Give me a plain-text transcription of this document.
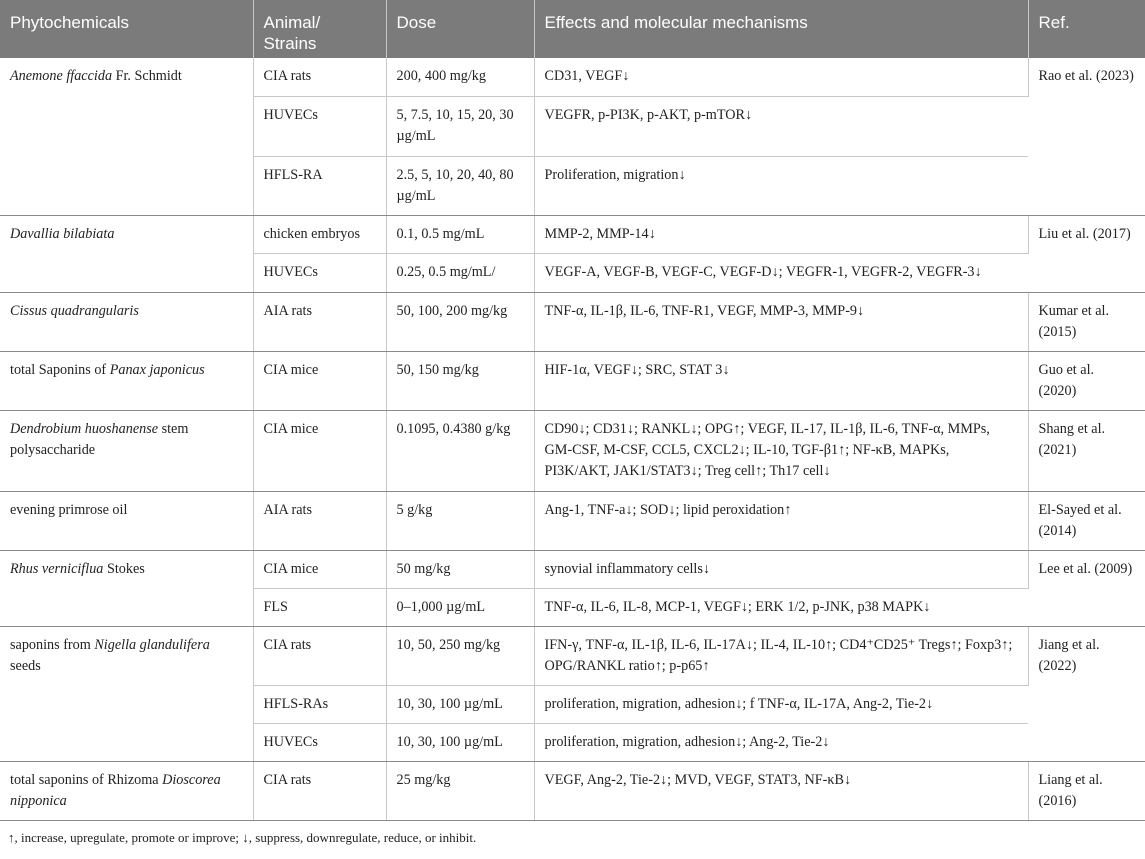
Phytochemicals	Animal/ Strains	Dose	Effects and molecular mechanisms	Ref.
Anemone ffaccida Fr. Schmidt	CIA rats	200, 400 mg/kg	CD31, VEGF↓	Rao et al. (2023)
	HUVECs	5, 7.5, 10, 15, 20, 30 µg/mL	VEGFR, p-PI3K, p-AKT, p-mTOR↓	
	HFLS-RA	2.5, 5, 10, 20, 40, 80 µg/mL	Proliferation, migration↓	
Davallia bilabiata	chicken embryos	0.1, 0.5 mg/mL	MMP-2, MMP-14↓	Liu et al. (2017)
	HUVECs	0.25, 0.5 mg/mL/	VEGF-A, VEGF-B, VEGF-C, VEGF-D↓; VEGFR-1, VEGFR-2, VEGFR-3↓	
Cissus quadrangularis	AIA rats	50, 100, 200 mg/kg	TNF-α, IL-1β, IL-6, TNF-R1, VEGF, MMP-3, MMP-9↓	Kumar et al. (2015)
total Saponins of Panax japonicus	CIA mice	50, 150 mg/kg	HIF-1α, VEGF↓; SRC, STAT 3↓	Guo et al. (2020)
Dendrobium huoshanense stem polysaccharide	CIA mice	0.1095, 0.4380 g/kg	CD90↓; CD31↓; RANKL↓; OPG↑; VEGF, IL-17, IL-1β, IL-6, TNF-α, MMPs, GM-CSF, M-CSF, CCL5, CXCL2↓; IL-10, TGF-β1↑; NF-κB, MAPKs, PI3K/AKT, JAK1/STAT3↓; Treg cell↑; Th17 cell↓	Shang et al. (2021)
evening primrose oil	AIA rats	5 g/kg	Ang-1, TNF-a↓; SOD↓; lipid peroxidation↑	El-Sayed et al. (2014)
Rhus verniciflua Stokes	CIA mice	50 mg/kg	synovial inflammatory cells↓	Lee et al. (2009)
	FLS	0–1,000 µg/mL	TNF-α, IL-6, IL-8, MCP-1, VEGF↓; ERK 1/2, p-JNK, p38 MAPK↓	
saponins from Nigella glandulifera seeds	CIA rats	10, 50, 250 mg/kg	IFN-γ, TNF-α, IL-1β, IL-6, IL-17A↓; IL-4, IL-10↑; CD4⁺CD25⁺ Tregs↑; Foxp3↑; OPG/RANKL ratio↑; p-p65↑	Jiang et al. (2022)
	HFLS-RAs	10, 30, 100 µg/mL	proliferation, migration, adhesion↓; f TNF-α, IL-17A, Ang-2, Tie-2↓	
	HUVECs	10, 30, 100 µg/mL	proliferation, migration, adhesion↓; Ang-2, Tie-2↓	
total saponins of Rhizoma Dioscorea nipponica	CIA rats	25 mg/kg	VEGF, Ang-2, Tie-2↓; MVD, VEGF, STAT3, NF-κB↓	Liang et al. (2016)
↑, increase, upregulate, promote or improve; ↓, suppress, downregulate, reduce, or inhibit.
